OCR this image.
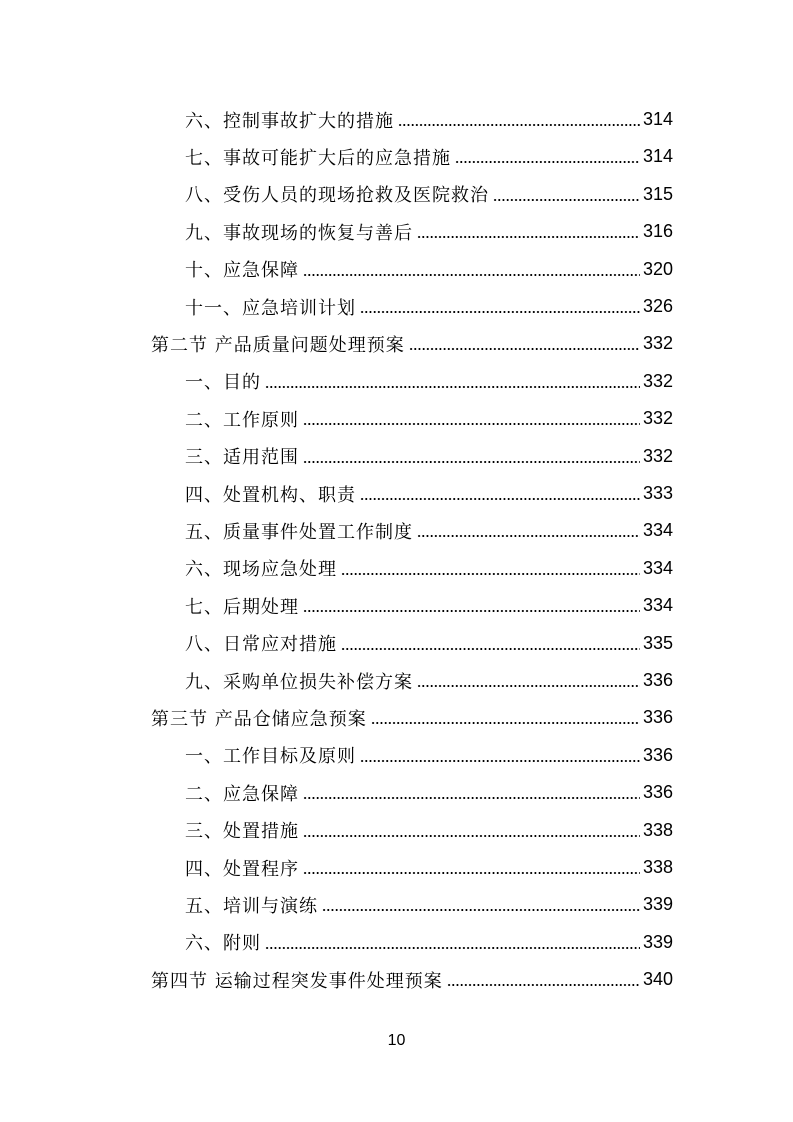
六、控制事故扩大的措施	314
七、事故可能扩大后的应急措施	314
八、受伤人员的现场抢救及医院救治	315
九、事故现场的恢复与善后	316
十、应急保障	320
十一、应急培训计划	326
第二节 产品质量问题处理预案	332
一、目的	332
二、工作原则	332
三、适用范围	332
四、处置机构、职责	333
五、质量事件处置工作制度	334
六、现场应急处理	334
七、后期处理	334
八、日常应对措施	335
九、采购单位损失补偿方案	336
第三节 产品仓储应急预案	336
一、工作目标及原则	336
二、应急保障	336
三、处置措施	338
四、处置程序	338
五、培训与演练	339
六、附则	339
第四节 运输过程突发事件处理预案	340
10
